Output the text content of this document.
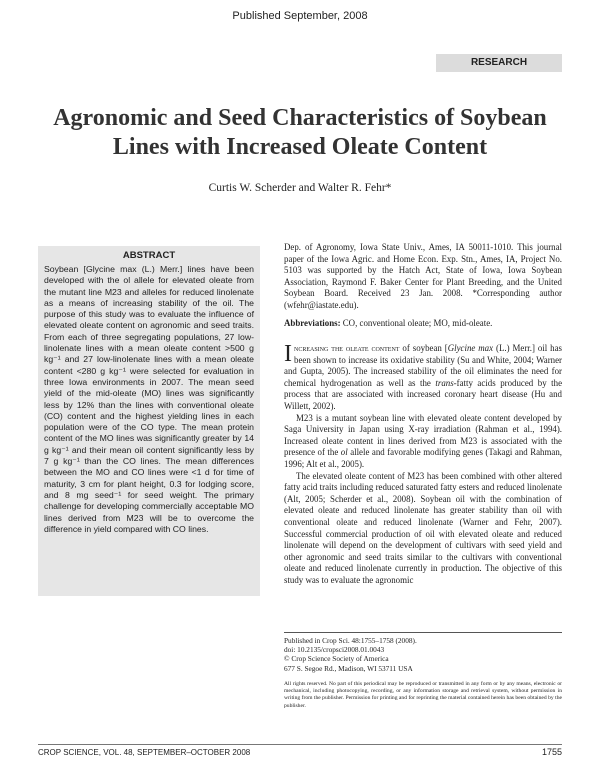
Published September, 2008
RESEARCH
Agronomic and Seed Characteristics of Soybean Lines with Increased Oleate Content
Curtis W. Scherder and Walter R. Fehr*
ABSTRACT
Soybean [Glycine max (L.) Merr.] lines have been developed with the ol allele for elevated oleate from the mutant line M23 and alleles for reduced linolenate as a means of increasing stability of the oil. The purpose of this study was to evaluate the influence of elevated oleate content on agronomic and seed traits. From each of three segregating populations, 27 low-linolenate lines with a mean oleate content >500 g kg⁻¹ and 27 low-linolenate lines with a mean oleate content <280 g kg⁻¹ were selected for evaluation in three Iowa environments in 2007. The mean seed yield of the mid-oleate (MO) lines was significantly less by 12% than the lines with conventional oleate (CO) content and the highest yielding lines in each population were of the CO type. The mean protein content of the MO lines was significantly greater by 14 g kg⁻¹ and their mean oil content significantly less by 7 g kg⁻¹ than the CO lines. The mean differences between the MO and CO lines were <1 d for time of maturity, 3 cm for plant height, 0.3 for lodging score, and 8 mg seed⁻¹ for seed weight. The primary challenge for developing commercially acceptable MO lines derived from M23 will be to overcome the difference in yield compared with CO lines.
Dep. of Agronomy, Iowa State Univ., Ames, IA 50011-1010. This journal paper of the Iowa Agric. and Home Econ. Exp. Stn., Ames, IA, Project No. 5103 was supported by the Hatch Act, State of Iowa, Iowa Soybean Association, Raymond F. Baker Center for Plant Breeding, and the United Soybean Board. Received 23 Jan. 2008. *Corresponding author (wfehr@iastate.edu).
Abbreviations: CO, conventional oleate; MO, mid-oleate.

Increasing the oleate content of soybean [Glycine max (L.) Merr.] oil has been shown to increase its oxidative stability (Su and White, 2004; Warner and Gupta, 2005). The increased stability of the oil eliminates the need for chemical hydrogenation as well as the trans-fatty acids produced by the process that are associated with increased coronary heart disease (Hu and Willett, 2002).

M23 is a mutant soybean line with elevated oleate content developed by Saga University in Japan using X-ray irradiation (Rahman et al., 1994). Increased oleate content in lines derived from M23 is associated with the presence of the ol allele and favorable modifying genes (Takagi and Rahman, 1996; Alt et al., 2005).

The elevated oleate content of M23 has been combined with other altered fatty acid traits including reduced saturated fatty esters and reduced linolenate (Alt, 2005; Scherder et al., 2008). Soybean oil with the combination of elevated oleate and reduced linolenate has greater stability than oil with conventional oleate and reduced linolenate (Warner and Fehr, 2007). Successful commercial production of oil with elevated oleate and reduced linolenate will depend on the development of cultivars with seed yield and other agronomic and seed traits similar to the cultivars with conventional oleate and reduced linolenate currently in production. The objective of this study was to evaluate the agronomic

Published in Crop Sci. 48:1755–1758 (2008).
doi: 10.2135/cropsci2008.01.0043
© Crop Science Society of America
677 S. Segoe Rd., Madison, WI 53711 USA
All rights reserved. No part of this periodical may be reproduced or transmitted in any form or by any means, electronic or mechanical, including photocopying, recording, or any information storage and retrieval system, without permission in writing from the publisher. Permission for printing and for reprinting the material contained herein has been obtained by the publisher.
CROP SCIENCE, VOL. 48, SEPTEMBER–OCTOBER 2008	1755
